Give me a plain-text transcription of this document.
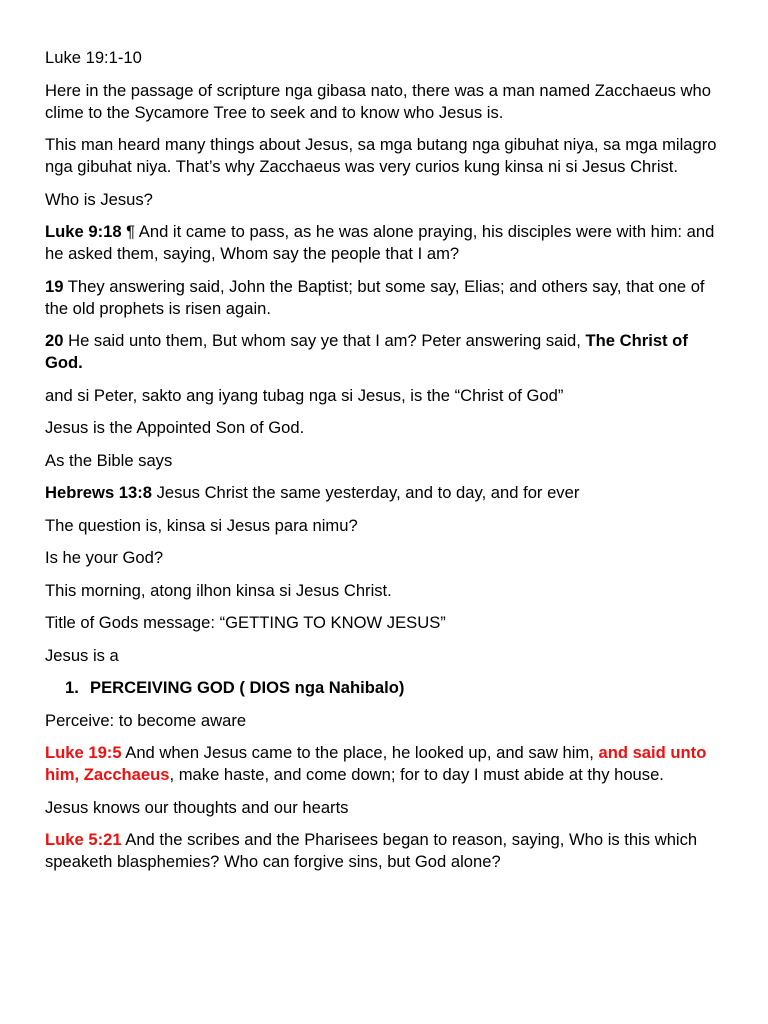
Luke 19:1-10

Here in the passage of scripture nga gibasa nato, there was a man named Zacchaeus who clime to the Sycamore Tree to seek and to know who Jesus is.

This man heard many things about Jesus, sa mga butang nga gibuhat niya, sa mga milagro nga gibuhat niya. That’s why Zacchaeus was very curios kung kinsa ni si Jesus Christ.

Who is Jesus?

Luke 9:18 ¶ And it came to pass, as he was alone praying, his disciples were with him: and he asked them, saying, Whom say the people that I am?

19 They answering said, John the Baptist; but some say, Elias; and others say, that one of the old prophets is risen again.

20 He said unto them, But whom say ye that I am? Peter answering said, The Christ of God.

and si Peter, sakto ang iyang tubag nga si Jesus, is the “Christ of God”

Jesus is the Appointed Son of God.

As the Bible says

Hebrews 13:8 Jesus Christ the same yesterday, and to day, and for ever

The question is, kinsa si Jesus para nimu?

Is he your God?

This morning, atong ilhon kinsa si Jesus Christ.

Title of Gods message: “GETTING TO KNOW JESUS”

Jesus is a

1. PERCEIVING GOD ( DIOS nga Nahibalo)

Perceive: to become aware

Luke 19:5 And when Jesus came to the place, he looked up, and saw him, and said unto him, Zacchaeus, make haste, and come down; for to day I must abide at thy house.

Jesus knows our thoughts and our hearts

Luke 5:21 And the scribes and the Pharisees began to reason, saying, Who is this which speaketh blasphemies? Who can forgive sins, but God alone?
